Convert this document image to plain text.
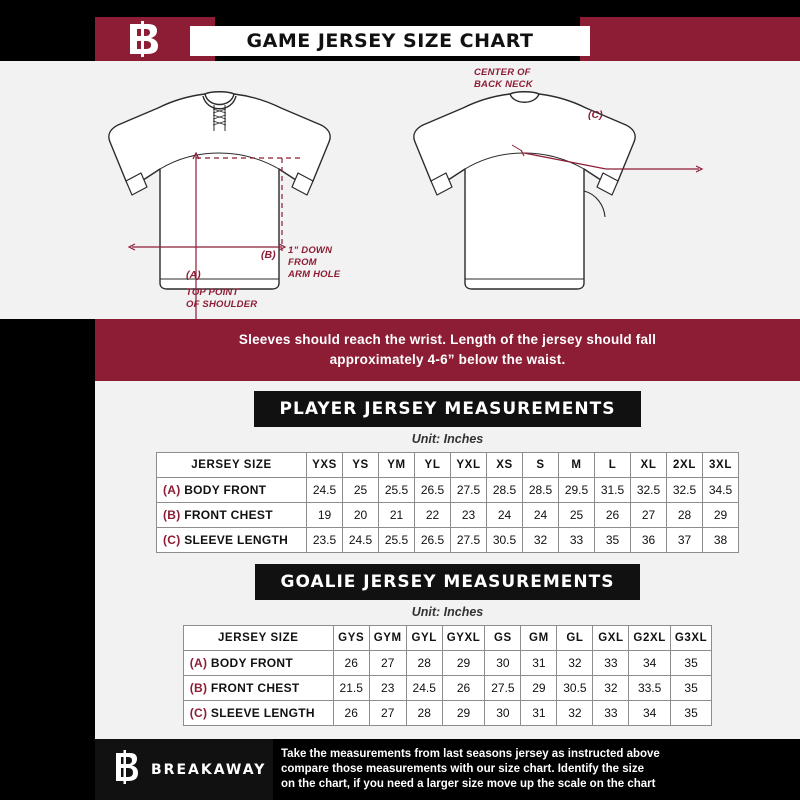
GAME JERSEY SIZE CHART
(A)
TOP POINT
OF SHOULDER
(B) 1” DOWN
FROM
ARM HOLE
CENTER OF
BACK NECK
(C)
Sleeves should reach the wrist. Length of the jersey should fall
approximately 4-6” below the waist.
PLAYER JERSEY MEASUREMENTS
Unit: Inches
JERSEY SIZE	YXS	YS	YM	YL	YXL	XS	S	M	L	XL	2XL	3XL
(A) BODY FRONT	24.5	25	25.5	26.5	27.5	28.5	28.5	29.5	31.5	32.5	32.5	34.5
(B) FRONT CHEST	19	20	21	22	23	24	24	25	26	27	28	29
(C) SLEEVE LENGTH	23.5	24.5	25.5	26.5	27.5	30.5	32	33	35	36	37	38
GOALIE JERSEY MEASUREMENTS
Unit: Inches
JERSEY SIZE	GYS	GYM	GYL	GYXL	GS	GM	GL	GXL	G2XL	G3XL
(A) BODY FRONT	26	27	28	29	30	31	32	33	34	35
(B) FRONT CHEST	21.5	23	24.5	26	27.5	29	30.5	32	33.5	35
(C) SLEEVE LENGTH	26	27	28	29	30	31	32	33	34	35
BREAKAWAY
Take the measurements from last seasons jersey as instructed above
compare those measurements with our size chart. Identify the size
on the chart, if you need a larger size move up the scale on the chart
